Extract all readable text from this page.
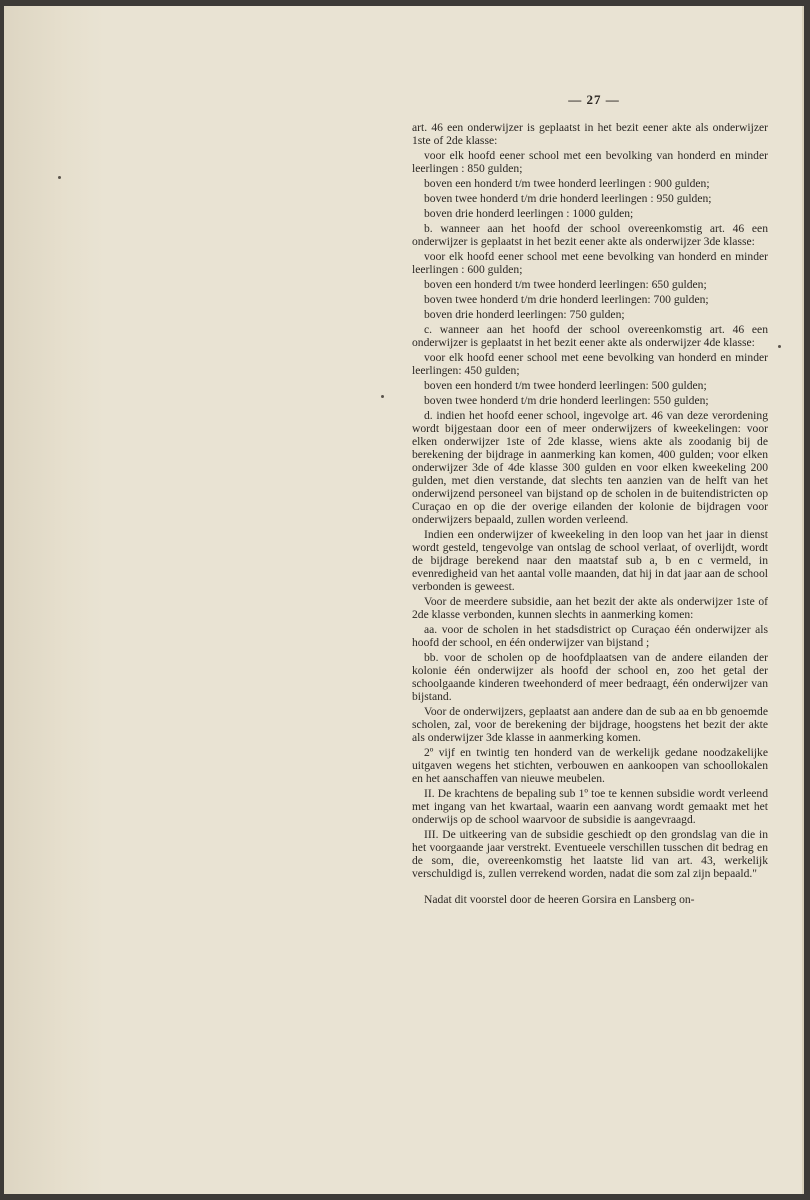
— 27 —

art. 46 een onderwijzer is geplaatst in het bezit eener akte als onderwijzer 1ste of 2de klasse:

voor elk hoofd eener school met een bevolking van honderd en minder leerlingen : 850 gulden;

boven een honderd t/m twee honderd leerlingen : 900 gulden;

boven twee honderd t/m drie honderd leerlingen : 950 gulden;

boven drie honderd leerlingen : 1000 gulden;

b. wanneer aan het hoofd der school overeenkomstig art. 46 een onderwijzer is geplaatst in het bezit eener akte als onderwijzer 3de klasse:

voor elk hoofd eener school met eene bevolking van honderd en minder leerlingen : 600 gulden;

boven een honderd t/m twee honderd leerlingen: 650 gulden;

boven twee honderd t/m drie honderd leerlingen: 700 gulden;

boven drie honderd leerlingen: 750 gulden;

c. wanneer aan het hoofd der school overeenkomstig art. 46 een onderwijzer is geplaatst in het bezit eener akte als onderwijzer 4de klasse:

voor elk hoofd eener school met eene bevolking van honderd en minder leerlingen: 450 gulden;

boven een honderd t/m twee honderd leerlingen: 500 gulden;

boven twee honderd t/m drie honderd leerlingen: 550 gulden;

d. indien het hoofd eener school, ingevolge art. 46 van deze verordening wordt bijgestaan door een of meer onderwijzers of kweekelingen: voor elken onderwijzer 1ste of 2de klasse, wiens akte als zoodanig bij de berekening der bijdrage in aanmerking kan komen, 400 gulden; voor elken onderwijzer 3de of 4de klasse 300 gulden en voor elken kweekeling 200 gulden, met dien verstande, dat slechts ten aanzien van de helft van het onderwijzend personeel van bijstand op de scholen in de buitendistricten op Curaçao en op die der overige eilanden der kolonie de bijdragen voor onderwijzers bepaald, zullen worden verleend.

Indien een onderwijzer of kweekeling in den loop van het jaar in dienst wordt gesteld, tengevolge van ontslag de school verlaat, of overlijdt, wordt de bijdrage berekend naar den maatstaf sub a, b en c vermeld, in evenredigheid van het aantal volle maanden, dat hij in dat jaar aan de school verbonden is geweest.

Voor de meerdere subsidie, aan het bezit der akte als onderwijzer 1ste of 2de klasse verbonden, kunnen slechts in aanmerking komen:

aa. voor de scholen in het stadsdistrict op Curaçao één onderwijzer als hoofd der school, en één onderwijzer van bijstand ;

bb. voor de scholen op de hoofdplaatsen van de andere eilanden der kolonie één onderwijzer als hoofd der school en, zoo het getal der schoolgaande kinderen tweehonderd of meer bedraagt, één onderwijzer van bijstand.

Voor de onderwijzers, geplaatst aan andere dan de sub aa en bb genoemde scholen, zal, voor de berekening der bijdrage, hoogstens het bezit der akte als onderwijzer 3de klasse in aanmerking komen.

2º vijf en twintig ten honderd van de werkelijk gedane noodzakelijke uitgaven wegens het stichten, verbouwen en aankoopen van schoollokalen en het aanschaffen van nieuwe meubelen.

II. De krachtens de bepaling sub 1º toe te kennen subsidie wordt verleend met ingang van het kwartaal, waarin een aanvang wordt gemaakt met het onderwijs op de school waarvoor de subsidie is aangevraagd.

III. De uitkeering van de subsidie geschiedt op den grondslag van die in het voorgaande jaar verstrekt. Eventueele verschillen tusschen dit bedrag en de som, die, overeenkomstig het laatste lid van art. 43, werkelijk verschuldigd is, zullen verrekend worden, nadat die som zal zijn bepaald."

Nadat dit voorstel door de heeren Gorsira en Lansberg on-
